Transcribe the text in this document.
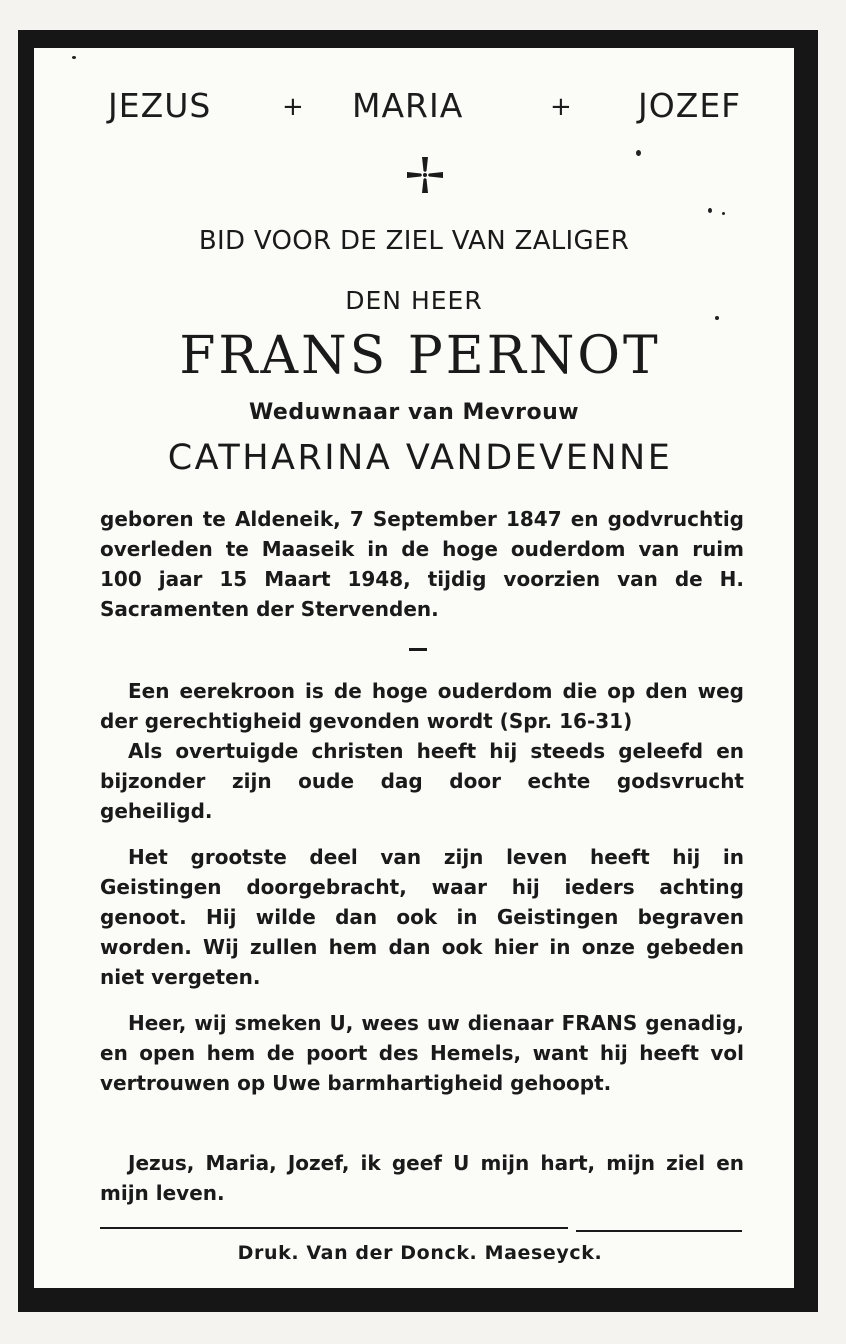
JEZUS	+ MARIA	+ JOZEF
BID VOOR DE ZIEL VAN ZALIGER
DEN HEER
FRANS PERNOT
Weduwnaar van Mevrouw
CATHARINA VANDEVENNE

geboren te Aldeneik, 7 September 1847 en godvruchtig overleden te Maaseik in de hoge ouderdom van ruim 100 jaar 15 Maart 1948, tijdig voorzien van de H. Sacramenten der Stervenden.

Een eerekroon is de hoge ouderdom die op den weg der gerechtigheid gevonden wordt (Spr. 16-31)

Als overtuigde christen heeft hij steeds geleefd en bijzonder zijn oude dag door echte godsvrucht geheiligd.

Het grootste deel van zijn leven heeft hij in Geistingen doorgebracht, waar hij ieders achting genoot. Hij wilde dan ook in Geistingen begraven worden. Wij zullen hem dan ook hier in onze gebeden niet vergeten.

Heer, wij smeken U, wees uw dienaar FRANS genadig, en open hem de poort des Hemels, want hij heeft vol vertrouwen op Uwe barmhartigheid gehoopt.

Jezus, Maria, Jozef, ik geef U mijn hart, mijn ziel en mijn leven.

Druk. Van der Donck. Maeseyck.
